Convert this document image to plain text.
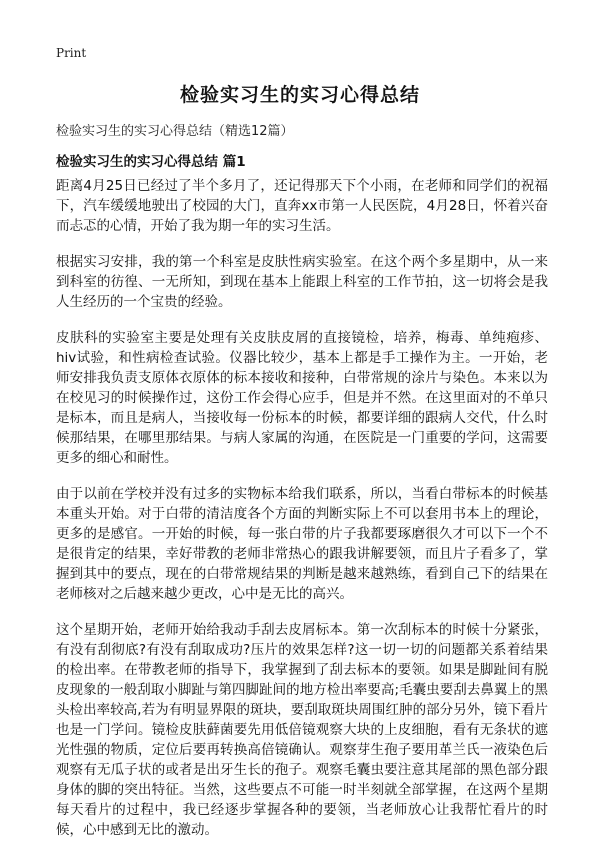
Print
检验实习生的实习心得总结
检验实习生的实习心得总结（精选12篇）
检验实习生的实习心得总结 篇1

距离4月25日已经过了半个多月了，还记得那天下个小雨，在老师和同学们的祝福下，汽车缓缓地驶出了校园的大门，直奔xx市第一人民医院，4月28日，怀着兴奋而忐忑的心情，开始了我为期一年的实习生活。

根据实习安排，我的第一个科室是皮肤性病实验室。在这个两个多星期中，从一来到科室的彷徨、一无所知，到现在基本上能跟上科室的工作节拍，这一切将会是我人生经历的一个宝贵的经验。

皮肤科的实验室主要是处理有关皮肤皮屑的直接镜检，培养，梅毒、单纯疱疹、hiv试验，和性病检查试验。仪器比较少，基本上都是手工操作为主。一开始，老师安排我负责支原体衣原体的标本接收和接种，白带常规的涂片与染色。本来以为在校见习的时候操作过，这份工作会得心应手，但是并不然。在这里面对的不单只是标本，而且是病人，当接收每一份标本的时候，都要详细的跟病人交代，什么时候那结果，在哪里那结果。与病人家属的沟通，在医院是一门重要的学问，这需要更多的细心和耐性。

由于以前在学校并没有过多的实物标本给我们联系，所以，当看白带标本的时候基本重头开始。对于白带的清洁度各个方面的判断实际上不可以套用书本上的理论，更多的是感官。一开始的时候，每一张白带的片子我都要琢磨很久才可以下一个不是很肯定的结果，幸好带教的老师非常热心的跟我讲解要领，而且片子看多了，掌握到其中的要点，现在的白带常规结果的判断是越来越熟练，看到自己下的结果在老师核对之后越来越少更改，心中是无比的高兴。

这个星期开始，老师开始给我动手刮去皮屑标本。第一次刮标本的时候十分紧张，有没有刮彻底?有没有刮取成功?压片的效果怎样?这一切一切的问题都关系着结果的检出率。在带教老师的指导下，我掌握到了刮去标本的要领。如果是脚趾间有脱皮现象的一般刮取小脚趾与第四脚趾间的地方检出率要高;毛囊虫要刮去鼻翼上的黑头检出率较高,若为有明显界限的斑块，要刮取斑块周围红肿的部分另外，镜下看片也是一门学问。镜检皮肤藓菌要先用低倍镜观察大块的上皮细胞，看有无条状的遮光性强的物质，定位后要再转换高倍镜确认。观察芽生孢子要用革兰氏一液染色后观察有无瓜子状的或者是出牙生长的孢子。观察毛囊虫要注意其尾部的黑色部分跟身体的脚的突出特征。当然，这些要点不可能一时半刻就全部掌握，在这两个星期每天看片的过程中，我已经逐步掌握各种的要领，当老师放心让我帮忙看片的时候，心中感到无比的激动。
